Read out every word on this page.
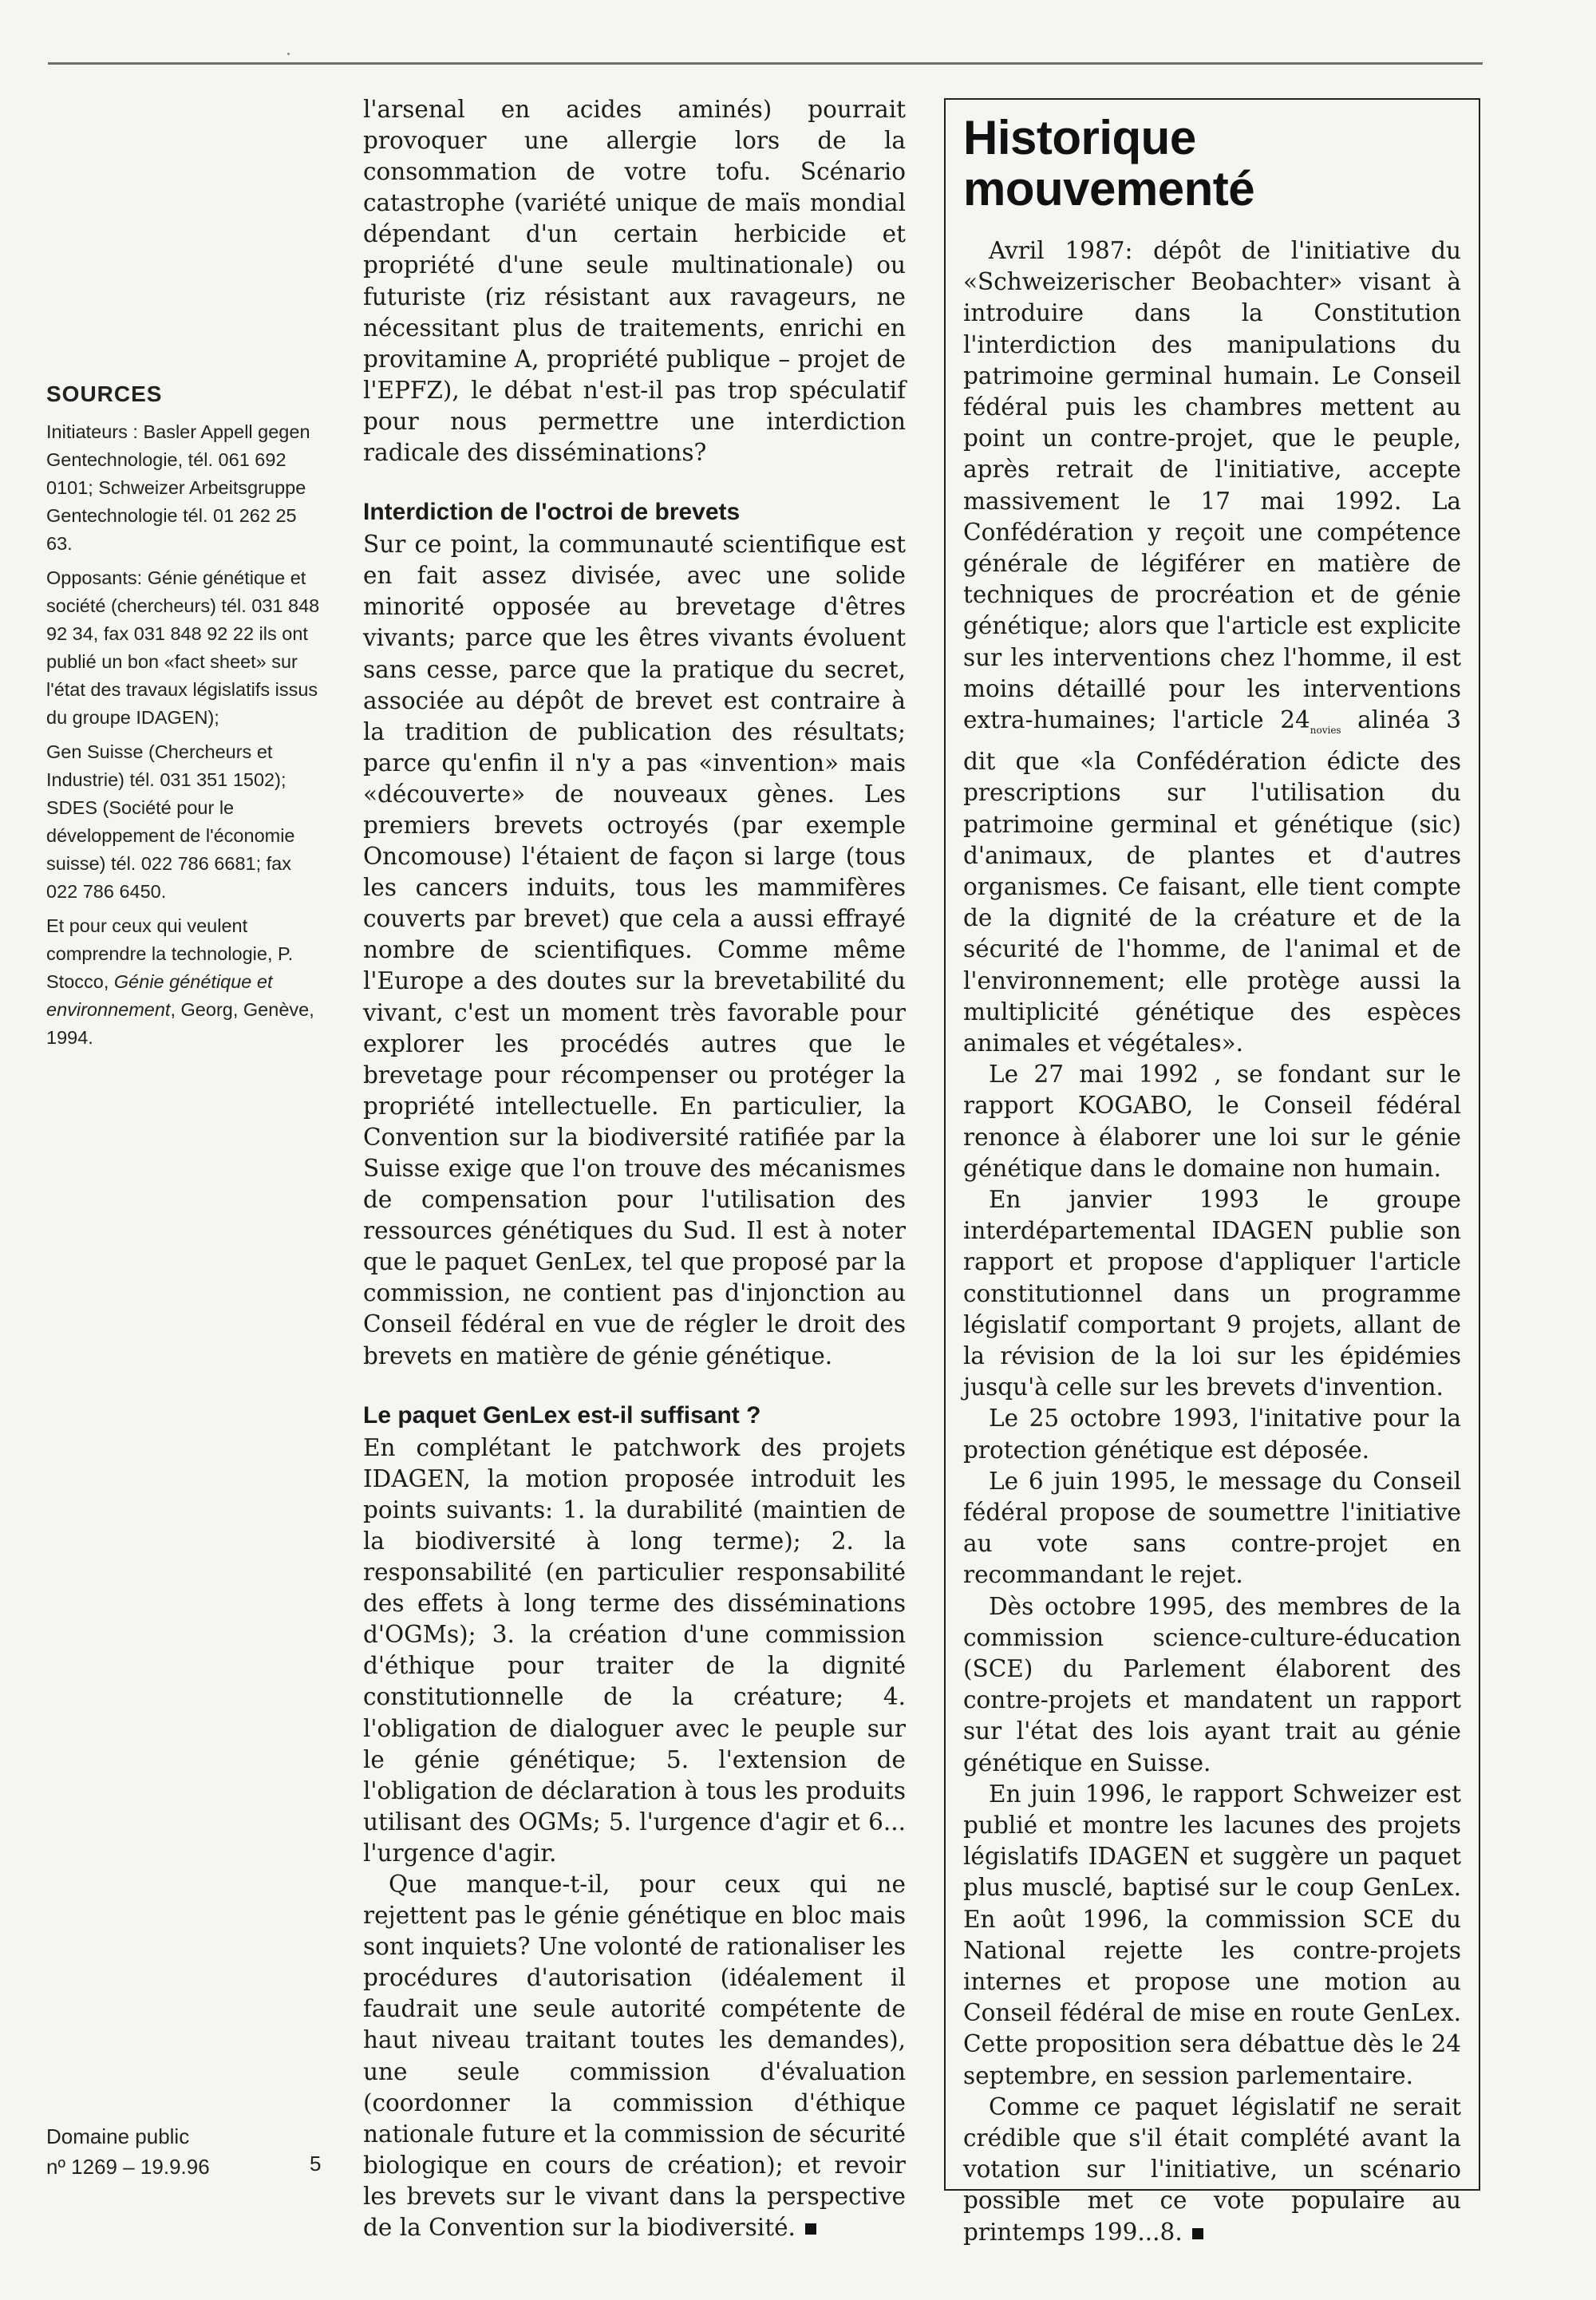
SOURCES

Initiateurs : Basler Appell gegen Gentechnologie, tél. 061 692 0101; Schweizer Arbeitsgruppe Gentechnologie tél. 01 262 25 63.

Opposants: Génie génétique et société (chercheurs) tél. 031 848 92 34, fax 031 848 92 22 ils ont publié un bon «fact sheet» sur l'état des travaux législatifs issus du groupe IDAGEN);

Gen Suisse (Chercheurs et Industrie) tél. 031 351 1502); SDES (Société pour le développement de l'économie suisse) tél. 022 786 6681; fax 022 786 6450.

Et pour ceux qui veulent comprendre la technologie, P. Stocco, Génie génétique et environnement, Georg, Genève, 1994.

Domaine public
nº 1269 – 19.9.96	5

l'arsenal en acides aminés) pourrait provoquer une allergie lors de la consommation de votre tofu. Scénario catastrophe (variété unique de maïs mondial dépendant d'un certain herbicide et propriété d'une seule multinationale) ou futuriste (riz résistant aux ravageurs, ne nécessitant plus de traitements, enrichi en provitamine A, propriété publique – projet de l'EPFZ), le débat n'est-il pas trop spéculatif pour nous permettre une interdiction radicale des disséminations?

Interdiction de l'octroi de brevets

Sur ce point, la communauté scientifique est en fait assez divisée, avec une solide minorité opposée au brevetage d'êtres vivants; parce que les êtres vivants évoluent sans cesse, parce que la pratique du secret, associée au dépôt de brevet est contraire à la tradition de publication des résultats; parce qu'enfin il n'y a pas «invention» mais «découverte» de nouveaux gènes. Les premiers brevets octroyés (par exemple Oncomouse) l'étaient de façon si large (tous les cancers induits, tous les mammifères couverts par brevet) que cela a aussi effrayé nombre de scientifiques. Comme même l'Europe a des doutes sur la brevetabilité du vivant, c'est un moment très favorable pour explorer les procédés autres que le brevetage pour récompenser ou protéger la propriété intellectuelle. En particulier, la Convention sur la biodiversité ratifiée par la Suisse exige que l'on trouve des mécanismes de compensation pour l'utilisation des ressources génétiques du Sud. Il est à noter que le paquet GenLex, tel que proposé par la commission, ne contient pas d'injonction au Conseil fédéral en vue de régler le droit des brevets en matière de génie génétique.

Le paquet GenLex est-il suffisant ?

En complétant le patchwork des projets IDAGEN, la motion proposée introduit les points suivants: 1. la durabilité (maintien de la biodiversité à long terme); 2. la responsabilité (en particulier responsabilité des effets à long terme des disséminations d'OGMs); 3. la création d'une commission d'éthique pour traiter de la dignité constitutionnelle de la créature; 4. l'obligation de dialoguer avec le peuple sur le génie génétique; 5. l'extension de l'obligation de déclaration à tous les produits utilisant des OGMs; 5. l'urgence d'agir et 6... l'urgence d'agir.

Que manque-t-il, pour ceux qui ne rejettent pas le génie génétique en bloc mais sont inquiets? Une volonté de rationaliser les procédures d'autorisation (idéalement il faudrait une seule autorité compétente de haut niveau traitant toutes les demandes), une seule commission d'évaluation (coordonner la commission d'éthique nationale future et la commission de sécurité biologique en cours de création); et revoir les brevets sur le vivant dans la perspective de la Convention sur la biodiversité.

Historique mouvementé

Avril 1987: dépôt de l'initiative du «Schweizerischer Beobachter» visant à introduire dans la Constitution l'interdiction des manipulations du patrimoine germinal humain. Le Conseil fédéral puis les chambres mettent au point un contre-projet, que le peuple, après retrait de l'initiative, accepte massivement le 17 mai 1992. La Confédération y reçoit une compétence générale de légiférer en matière de techniques de procréation et de génie génétique; alors que l'article est explicite sur les interventions chez l'homme, il est moins détaillé pour les interventions extra-humaines; l'article $24_{novies}$ alinéa 3 dit que «la Confédération édicte des prescriptions sur l'utilisation du patrimoine germinal et génétique (sic) d'animaux, de plantes et d'autres organismes. Ce faisant, elle tient compte de la dignité de la créature et de la sécurité de l'homme, de l'animal et de l'environnement; elle protège aussi la multiplicité génétique des espèces animales et végétales».

Le 27 mai 1992 , se fondant sur le rapport KOGABO, le Conseil fédéral renonce à élaborer une loi sur le génie génétique dans le domaine non humain.

En janvier 1993 le groupe interdépartemental IDAGEN publie son rapport et propose d'appliquer l'article constitutionnel dans un programme législatif comportant 9 projets, allant de la révision de la loi sur les épidémies jusqu'à celle sur les brevets d'invention.

Le 25 octobre 1993, l'initative pour la protection génétique est déposée.

Le 6 juin 1995, le message du Conseil fédéral propose de soumettre l'initiative au vote sans contre-projet en recommandant le rejet.

Dès octobre 1995, des membres de la commission science-culture-éducation (SCE) du Parlement élaborent des contre-projets et mandatent un rapport sur l'état des lois ayant trait au génie génétique en Suisse.

En juin 1996, le rapport Schweizer est publié et montre les lacunes des projets législatifs IDAGEN et suggère un paquet plus musclé, baptisé sur le coup GenLex. En août 1996, la commission SCE du National rejette les contre-projets internes et propose une motion au Conseil fédéral de mise en route GenLex. Cette proposition sera débattue dès le 24 septembre, en session parlementaire.

Comme ce paquet législatif ne serait crédible que s'il était complété avant la votation sur l'initiative, un scénario possible met ce vote populaire au printemps 199...8.
